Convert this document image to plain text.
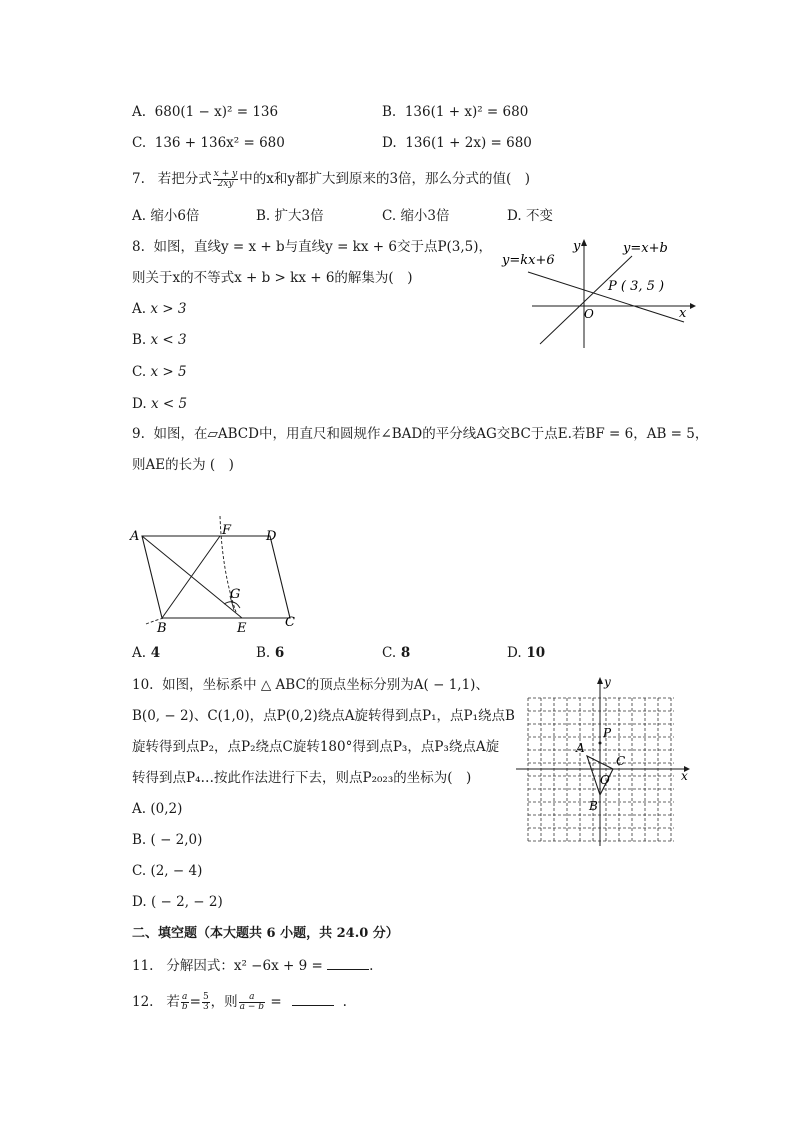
A. 680(1 − x)² = 136	B. 136(1 + x)² = 680
C. 136 + 136x² = 680	D. 136(1 + 2x) = 680
7. 若把分式 $\frac{x + y}{2xy}$ 中的x和y都扩大到原来的3倍，那么分式的值(　)
A. 缩小6倍	B. 扩大3倍	C. 缩小3倍	D. 不变
8. 如图，直线y = x + b与直线y = kx + 6交于点P(3,5)，
则关于x的不等式x + b > kx + 6的解集为(　)
A. x > 3
B. x < 3
C. x > 5
D. x < 5
y=kx+6
y=x+b
y
x
O
P ( 3, 5 )
9. 如图，在▱ABCD中，用直尺和圆规作∠BAD的平分线AG交BC于点E.若BF = 6，AB = 5，
则AE的长为 (　)
A	F	D
G
B	E	C
A. 4	B. 6	C. 8	D. 10
10. 如图，坐标系中 △ ABC的顶点坐标分别为A( − 1,1)、
B(0, − 2)、C(1,0)，点P(0,2)绕点A旋转得到点P₁，点P₁绕点B
旋转得到点P₂，点P₂绕点C旋转180°得到点P₃，点P₃绕点A旋
转得到点P₄…按此作法进行下去，则点P₂₀₂₃的坐标为(　)
A. (0,2)
B. ( − 2,0)
C. (2, − 4)
D. ( − 2, − 2)
y
x
A
P
C
O
B
二、填空题（本大题共 6 小题，共 24.0 分）
11. 分解因式：x² −6x + 9 =	.
12. 若 $\frac{a}{b} = \frac{5}{3}$ ，则 $\frac{a}{a - b}$ =	.
